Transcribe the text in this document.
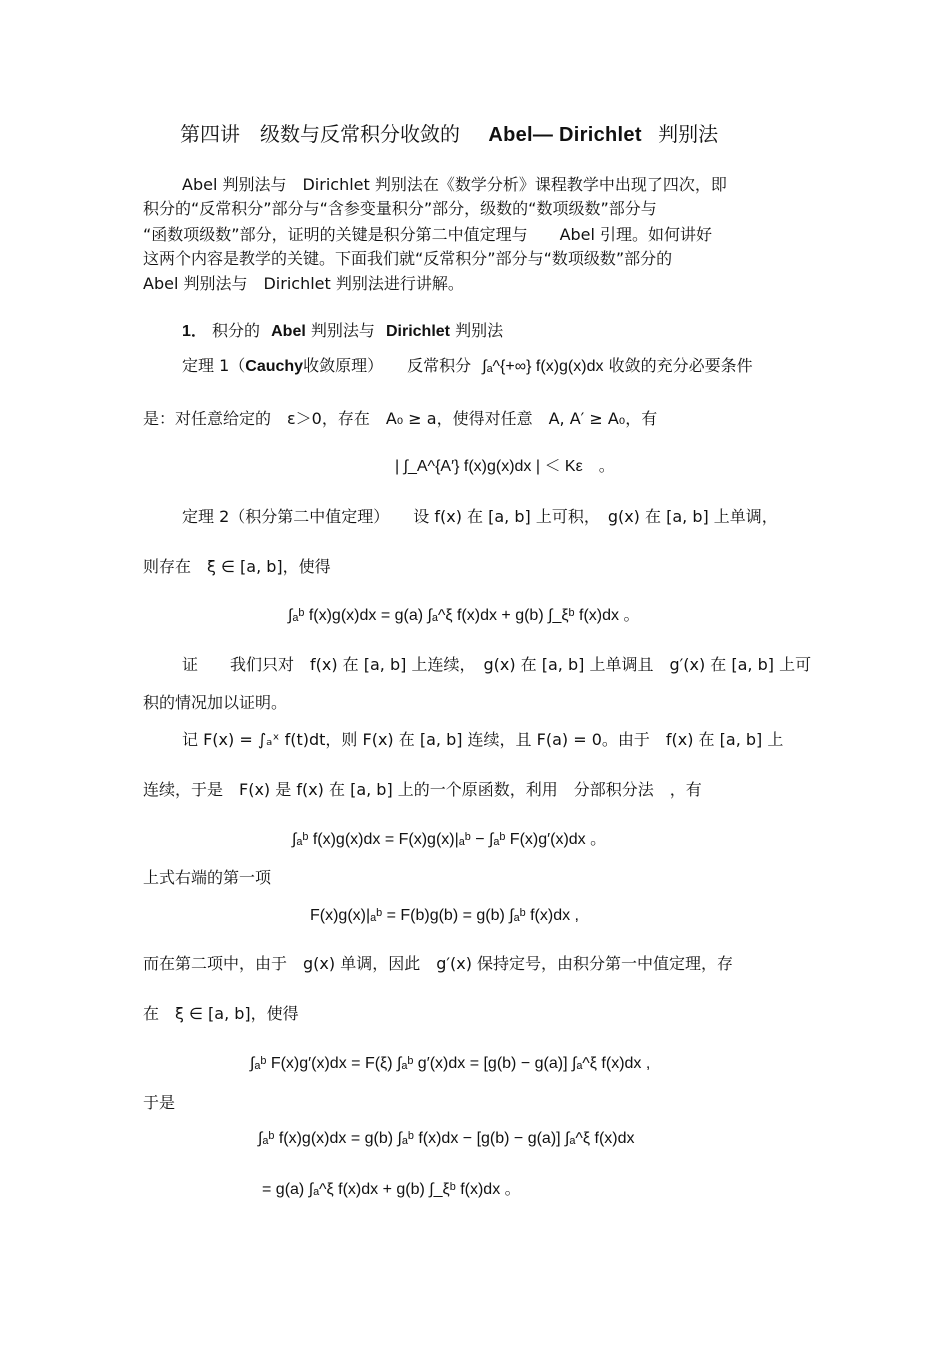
第四讲　级数与反常积分收敛的 Abel— Dirichlet 判别法
Abel 判别法与　Dirichlet 判别法在《数学分析》课程教学中出现了四次，即
积分的“反常积分”部分与“含参变量积分”部分，级数的“数项级数”部分与
“函数项级数”部分，证明的关键是积分第二中值定理与　　Abel 引理。如何讲好
这两个内容是教学的关键。下面我们就“反常积分”部分与“数项级数”部分的
Abel 判别法与　Dirichlet 判别法进行讲解。
1． 积分的 Abel 判别法与 Dirichlet 判别法
定理 1（Cauchy收敛原理）　　反常积分 ∫ₐ^{+∞} f(x)g(x)dx 收敛的充分必要条件
是：对任意给定的　ε＞0，存在　A₀ ≥ a，使得对任意　A, A′ ≥ A₀，有
| ∫_A^{A′} f(x)g(x)dx | ＜ Kε　。
定理 2（积分第二中值定理）　　设 f(x) 在 [a, b] 上可积，　g(x) 在 [a, b] 上单调，
则存在　ξ ∈ [a, b]，使得
∫ₐᵇ f(x)g(x)dx = g(a) ∫ₐ^ξ f(x)dx + g(b) ∫_ξᵇ f(x)dx 。
证　　我们只对　f(x) 在 [a, b] 上连续，　g(x) 在 [a, b] 上单调且　g′(x) 在 [a, b] 上可
积的情况加以证明。
记 F(x) = ∫ₐˣ f(t)dt，则 F(x) 在 [a, b] 连续，且 F(a) = 0。由于　f(x) 在 [a, b] 上
连续，于是　F(x) 是 f(x) 在 [a, b] 上的一个原函数，利用　分部积分法　，有
∫ₐᵇ f(x)g(x)dx = F(x)g(x)|ₐᵇ − ∫ₐᵇ F(x)g′(x)dx 。
上式右端的第一项
F(x)g(x)|ₐᵇ = F(b)g(b) = g(b) ∫ₐᵇ f(x)dx ,
而在第二项中，由于　g(x) 单调，因此　g′(x) 保持定号，由积分第一中值定理，存
在　ξ ∈ [a, b]，使得
∫ₐᵇ F(x)g′(x)dx = F(ξ) ∫ₐᵇ g′(x)dx = [g(b) − g(a)] ∫ₐ^ξ f(x)dx ,
于是
∫ₐᵇ f(x)g(x)dx = g(b) ∫ₐᵇ f(x)dx − [g(b) − g(a)] ∫ₐ^ξ f(x)dx
= g(a) ∫ₐ^ξ f(x)dx + g(b) ∫_ξᵇ f(x)dx 。
